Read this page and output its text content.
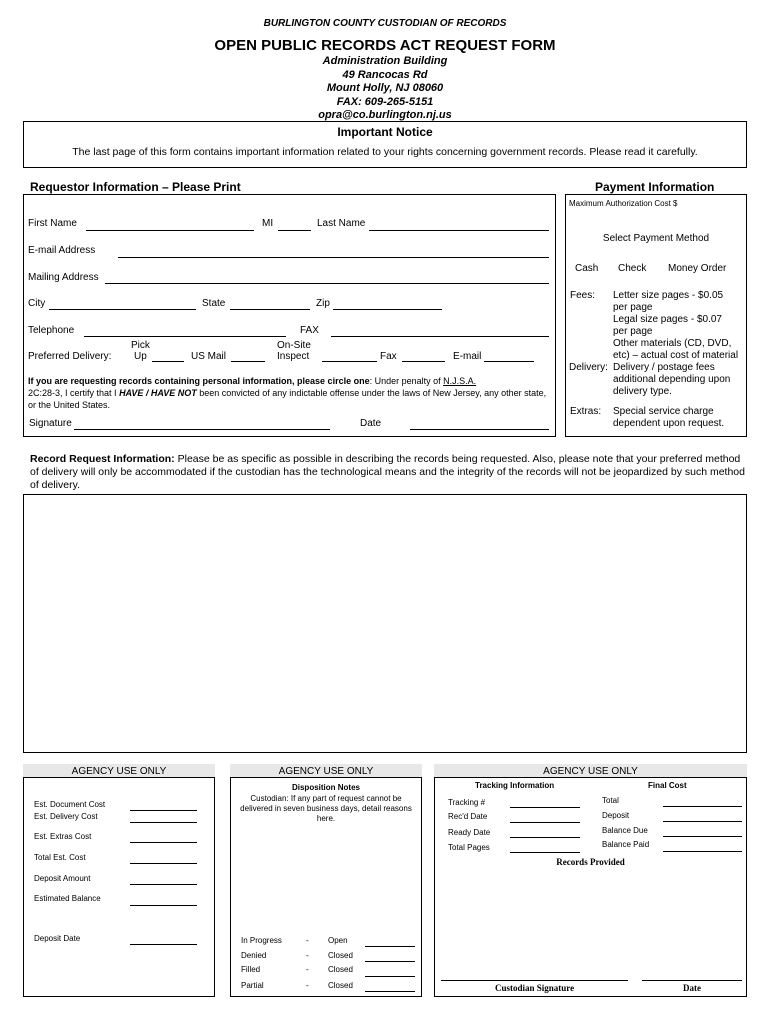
BURLINGTON COUNTY CUSTODIAN OF RECORDS
OPEN PUBLIC RECORDS ACT REQUEST FORM
Administration Building
49 Rancocas Rd
Mount Holly, NJ 08060
FAX: 609-265-5151
opra@co.burlington.nj.us
Important Notice
The last page of this form contains important information related to your rights concerning government records. Please read it carefully.
Requestor Information – Please Print
First Name	MI	Last Name
E-mail Address
Mailing Address
City	State	Zip
Telephone	FAX
Pick	On-Site
Preferred Delivery: Up	US Mail	Inspect	Fax	E-mail
If you are requesting records containing personal information, please circle one: Under penalty of N.J.S.A.
2C:28-3, I certify that I HAVE / HAVE NOT been convicted of any indictable offense under the laws of New Jersey, any other state, or the United States.
Signature	Date
Payment Information
Maximum Authorization Cost $
Select Payment Method
Cash Check Money Order
Fees: Letter size pages - $0.05
per page
Legal size pages - $0.07
per page
Other materials (CD, DVD,
etc) – actual cost of material
Delivery: Delivery / postage fees
additional depending upon
delivery type.
Extras: Special service charge
dependent upon request.
Record Request Information: Please be as specific as possible in describing the records being requested. Also, please note that your preferred method of delivery will only be accommodated if the custodian has the technological means and the integrity of the records will not be jeopardized by such method of delivery.
AGENCY USE ONLY
Est. Document Cost
Est. Delivery Cost
Est. Extras Cost
Total Est. Cost
Deposit Amount
Estimated Balance
Deposit Date
AGENCY USE ONLY
Disposition Notes
Custodian: If any part of request cannot be delivered in seven business days, detail reasons here.
In Progress	- Open
Denied	- Closed
Filled	- Closed
Partial	- Closed
AGENCY USE ONLY
Tracking Information	Final Cost
Tracking #
Rec'd Date
Ready Date
Total Pages
Total
Deposit
Balance Due
Balance Paid
Records Provided
Custodian Signature	Date
